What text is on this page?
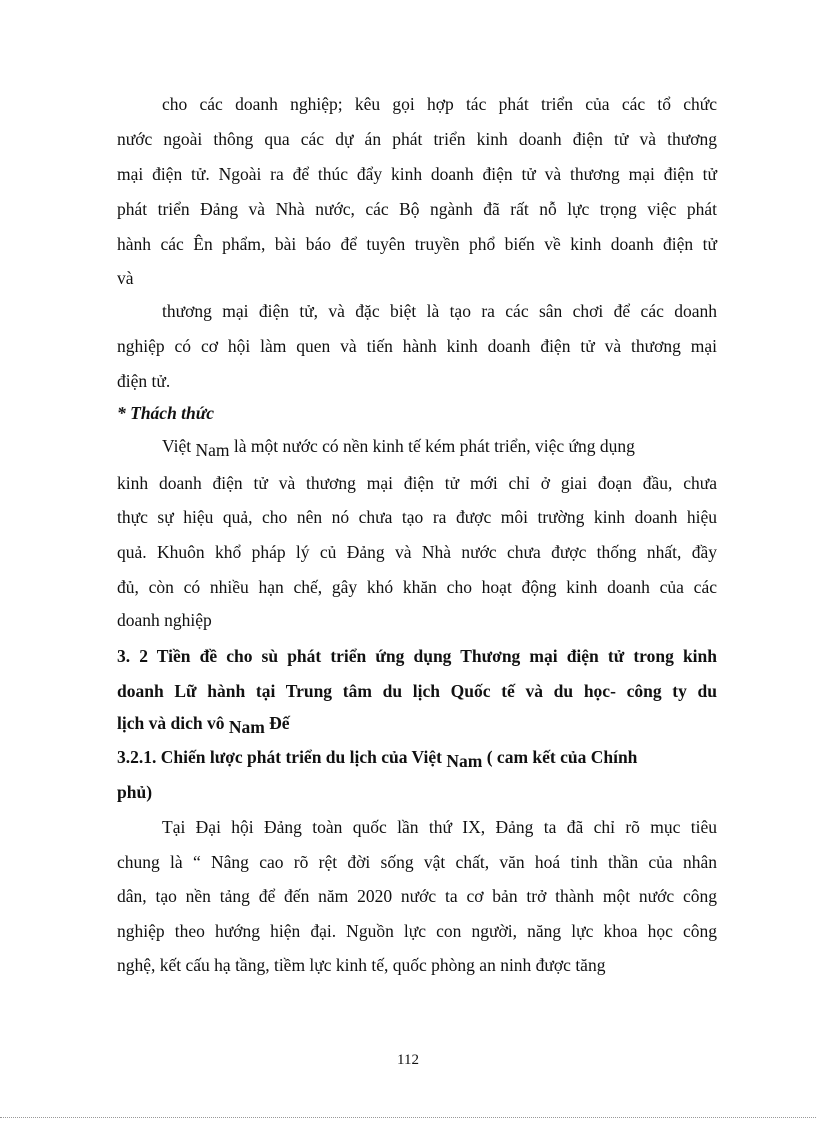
cho các doanh nghiệp; kêu gọi hợp tác phát triển của các tổ chức
nước ngoài thông qua các dự án phát triển kinh doanh điện tử và thương
mại điện tử. Ngoài ra để thúc đẩy kinh doanh điện tử và thương mại điện tử
phát triển Đảng và Nhà nước, các Bộ ngành đã rất nỗ lực trọng việc phát
hành các Ên phẩm, bài báo để tuyên truyền phổ biến về kinh doanh điện tử
và
thương mại điện tử, và đặc biệt là tạo ra các sân chơi để các doanh
nghiệp có cơ hội làm quen và tiến hành kinh doanh điện tử và thương mại
điện tử.
* Thách thức
Việt Nam là một nước có nền kinh tế kém phát triển, việc ứng dụng
kinh doanh điện tử và thương mại điện tử mới chỉ ở giai đoạn đầu, chưa
thực sự hiệu quả, cho nên nó chưa tạo ra được môi trường kinh doanh hiệu
quả. Khuôn khổ pháp lý củ Đảng và Nhà nước chưa được thống nhất, đầy
đủ, còn có nhiều hạn chế, gây khó khăn cho hoạt động kinh doanh của các
doanh nghiệp
3. 2 Tiền đề cho sù phát triển ứng dụng Thương mại điện tử trong kinh
doanh Lữ hành tại Trung tâm du lịch Quốc tế và du học- công ty du
lịch và dich vô Nam Đế
3.2.1. Chiến lược phát triển du lịch của Việt Nam ( cam kết của Chính
phủ)
Tại Đại hội Đảng toàn quốc lần thứ IX, Đảng ta đã chỉ rõ mục tiêu
chung là “ Nâng cao rõ rệt đời sống vật chất, văn hoá tinh thần của nhân
dân, tạo nền tảng để đến năm 2020 nước ta cơ bản trở thành một nước công
nghiệp theo hướng hiện đại. Nguồn lực con người, năng lực khoa học công
nghệ, kết cấu hạ tầng, tiềm lực kinh tế, quốc phòng an ninh được tăng
112
